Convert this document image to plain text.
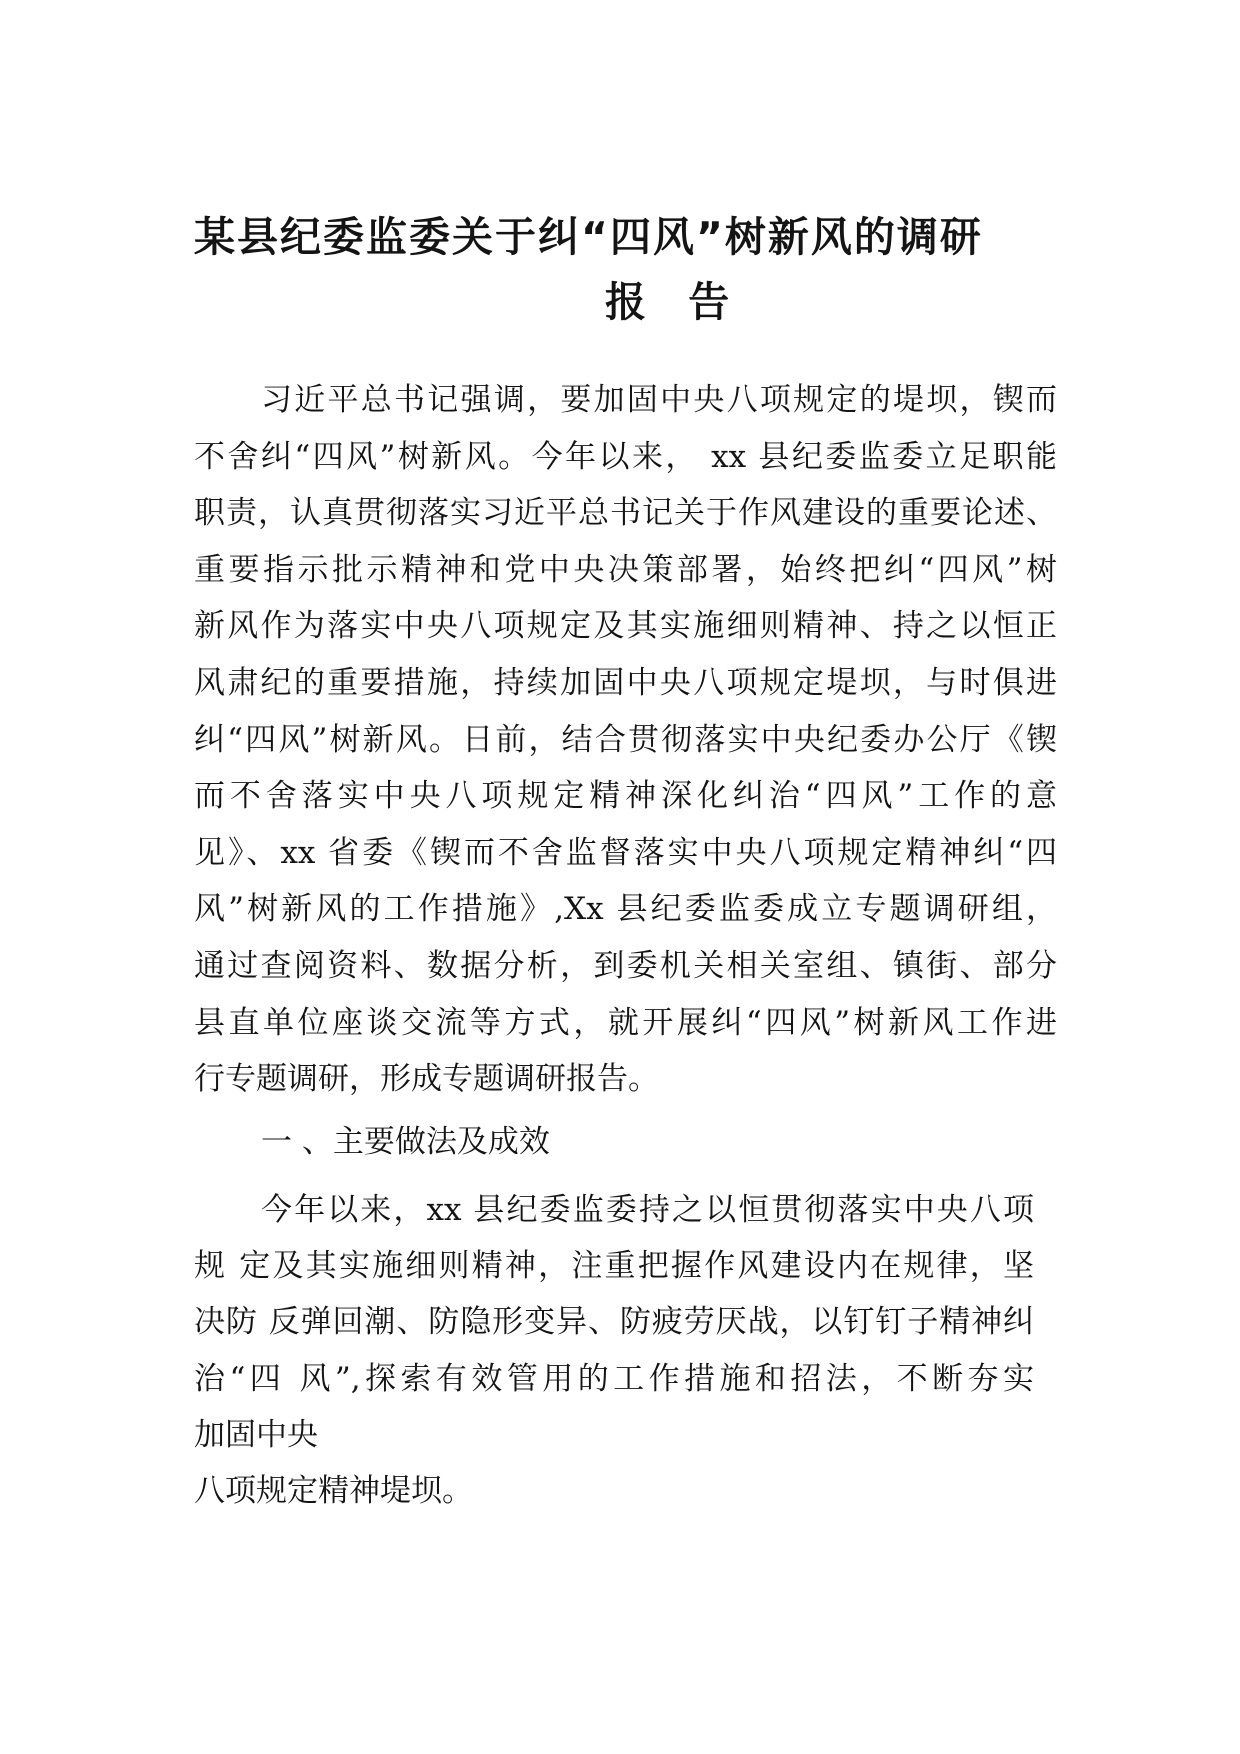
某县纪委监委关于纠“四风”树新风的调研
报 告
习近平总书记强调，要加固中央八项规定的堤坝，锲而
不舍纠“四风”树新风。今年以来， xx 县纪委监委立足职能
职责，认真贯彻落实习近平总书记关于作风建设的重要论述、
重要指示批示精神和党中央决策部署，始终把纠“四风”树
新风作为落实中央八项规定及其实施细则精神、持之以恒正
风肃纪的重要措施，持续加固中央八项规定堤坝，与时俱进
纠“四风”树新风。日前，结合贯彻落实中央纪委办公厅《锲
而不舍落实中央八项规定精神深化纠治“四风”工作的意
见》、xx 省委《锲而不舍监督落实中央八项规定精神纠“四
风”树新风的工作措施》,Xx 县纪委监委成立专题调研组，
通过查阅资料、数据分析，到委机关相关室组、镇街、部分
县直单位座谈交流等方式，就开展纠“四风”树新风工作进
行专题调研，形成专题调研报告。
一 、主要做法及成效
今年以来，xx 县纪委监委持之以恒贯彻落实中央八项
规 定及其实施细则精神，注重把握作风建设内在规律，坚
决防 反弹回潮、防隐形变异、防疲劳厌战，以钉钉子精神纠
治“四 风”,探索有效管用的工作措施和招法，不断夯实
加固中央
八项规定精神堤坝。
